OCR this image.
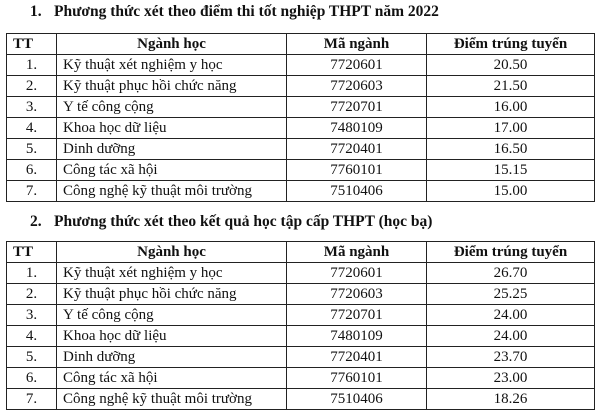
1. Phương thức xét theo điểm thi tốt nghiệp THPT năm 2022
TT	Ngành học	Mã ngành	Điểm trúng tuyển
1.	Kỹ thuật xét nghiệm y học	7720601	20.50
2.	Kỹ thuật phục hồi chức năng	7720603	21.50
3.	Y tế công cộng	7720701	16.00
4.	Khoa học dữ liệu	7480109	17.00
5.	Dinh dưỡng	7720401	16.50
6.	Công tác xã hội	7760101	15.15
7.	Công nghệ kỹ thuật môi trường	7510406	15.00
2. Phương thức xét theo kết quả học tập cấp THPT (học bạ)
TT	Ngành học	Mã ngành	Điểm trúng tuyển
1.	Kỹ thuật xét nghiệm y học	7720601	26.70
2.	Kỹ thuật phục hồi chức năng	7720603	25.25
3.	Y tế công cộng	7720701	24.00
4.	Khoa học dữ liệu	7480109	24.00
5.	Dinh dưỡng	7720401	23.70
6.	Công tác xã hội	7760101	23.00
7.	Công nghệ kỹ thuật môi trường	7510406	18.26
